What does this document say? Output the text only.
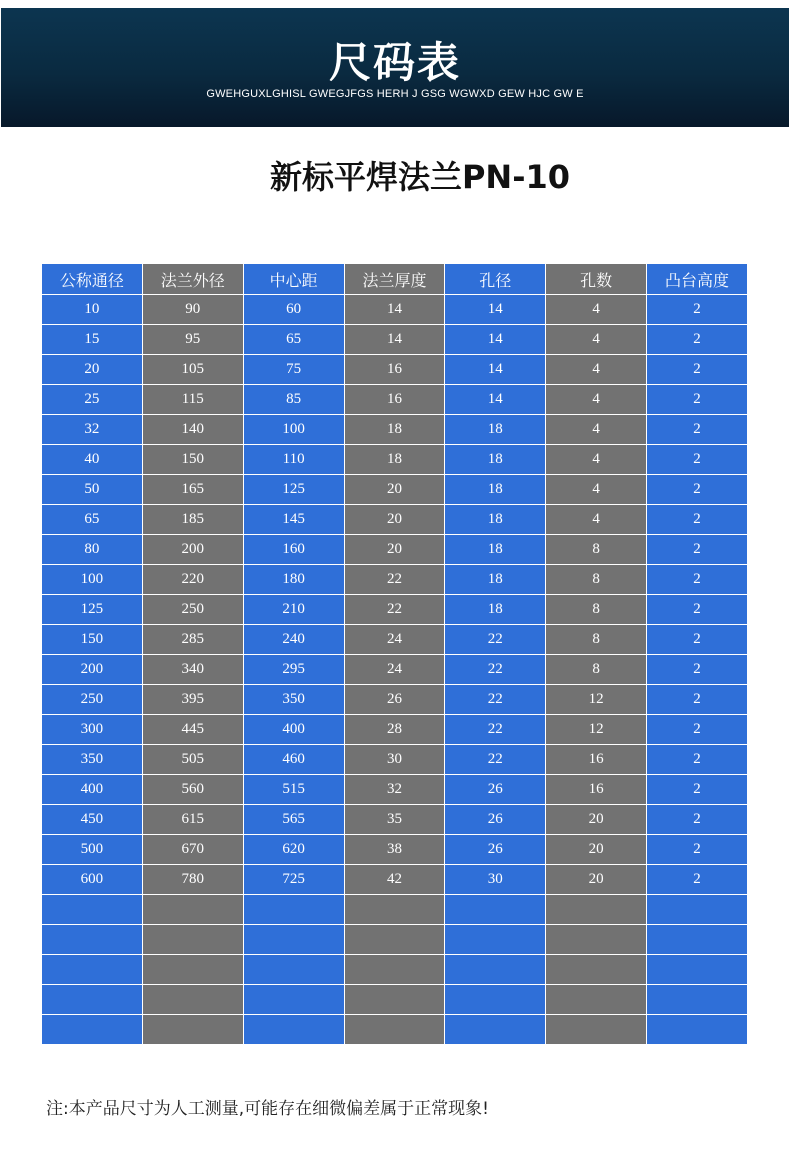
尺码表
GWEHGUXLGHISL GWEGJFGS HERH J GSG WGWXD GEW HJC GW E
新标平焊法兰PN-10
公称通径	法兰外径	中心距	法兰厚度	孔径	孔数	凸台高度
10	90	60	14	14	4	2
15	95	65	14	14	4	2
20	105	75	16	14	4	2
25	115	85	16	14	4	2
32	140	100	18	18	4	2
40	150	110	18	18	4	2
50	165	125	20	18	4	2
65	185	145	20	18	4	2
80	200	160	20	18	8	2
100	220	180	22	18	8	2
125	250	210	22	18	8	2
150	285	240	24	22	8	2
200	340	295	24	22	8	2
250	395	350	26	22	12	2
300	445	400	28	22	12	2
350	505	460	30	22	16	2
400	560	515	32	26	16	2
450	615	565	35	26	20	2
500	670	620	38	26	20	2
600	780	725	42	30	20	2

注:本产品尺寸为人工测量,可能存在细微偏差属于正常现象!
